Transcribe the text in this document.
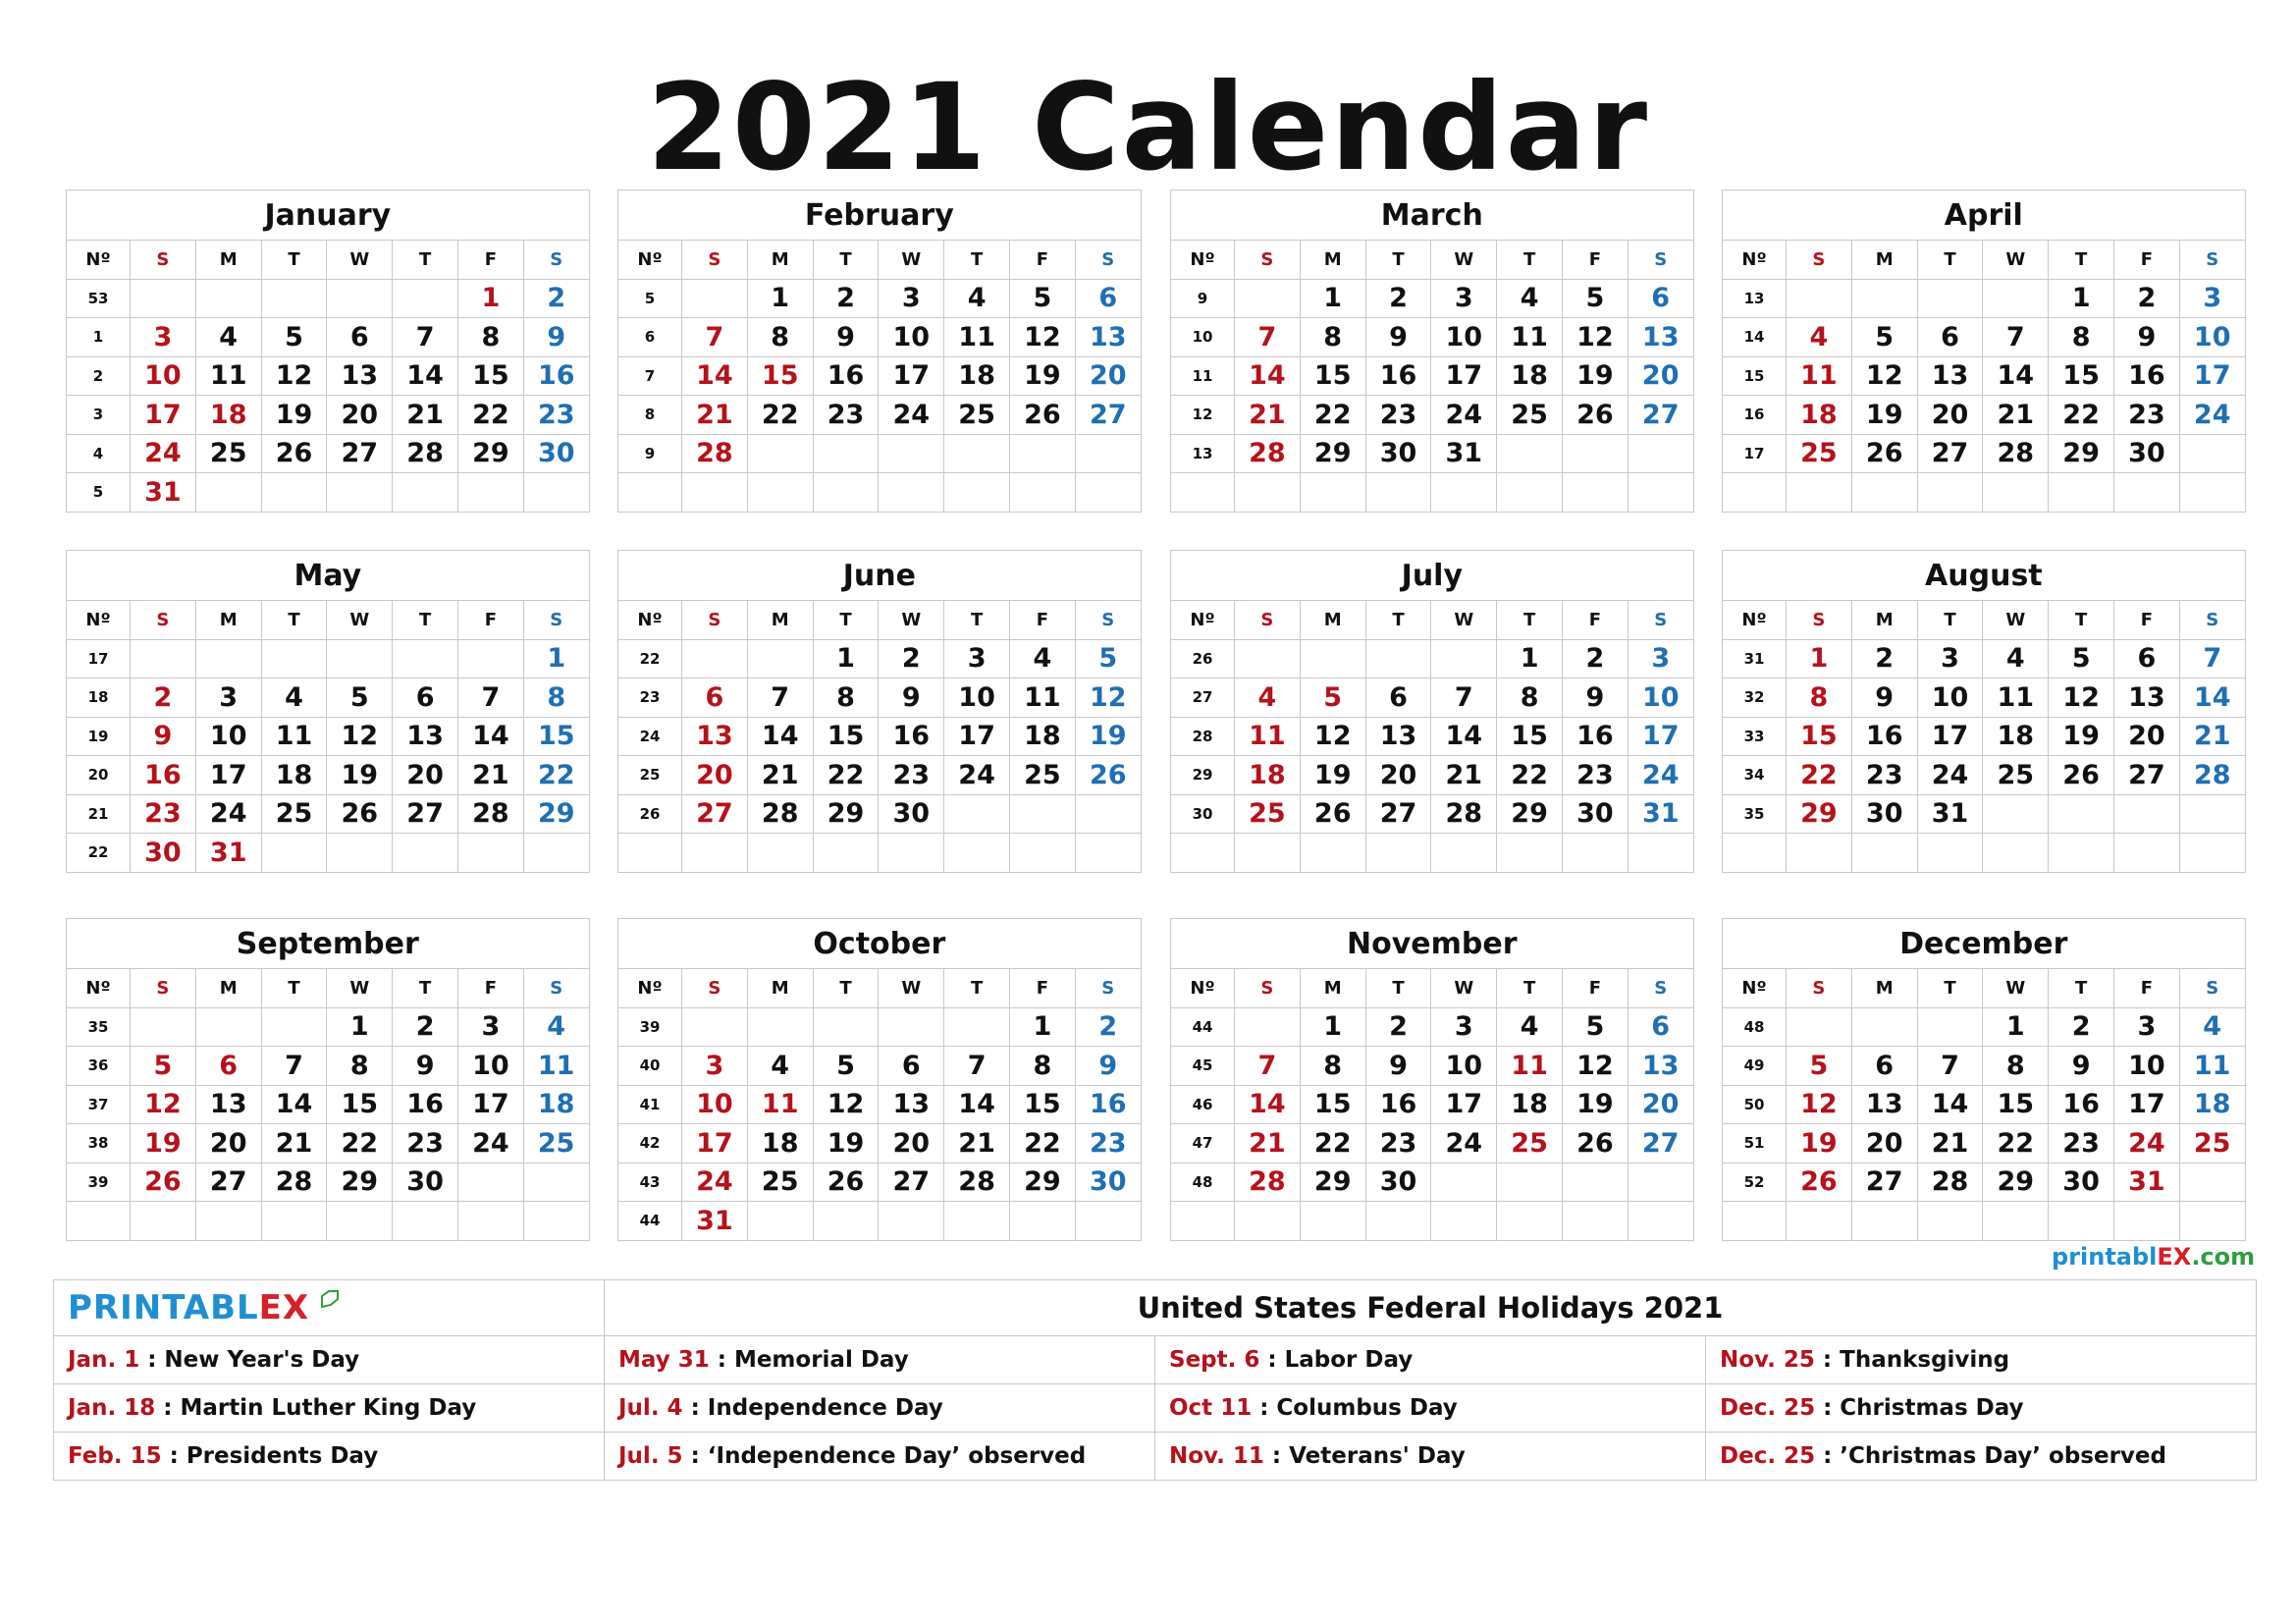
2021 Calendar
January							
Nº	S	M	T	W	T	F	S
53						1	2
1	3	4	5	6	7	8	9
2	10	11	12	13	14	15	16
3	17	18	19	20	21	22	23
4	24	25	26	27	28	29	30
5	31						
February							
Nº	S	M	T	W	T	F	S
5		1	2	3	4	5	6
6	7	8	9	10	11	12	13
7	14	15	16	17	18	19	20
8	21	22	23	24	25	26	27
9	28						

March							
Nº	S	M	T	W	T	F	S
9		1	2	3	4	5	6
10	7	8	9	10	11	12	13
11	14	15	16	17	18	19	20
12	21	22	23	24	25	26	27
13	28	29	30	31			

April							
Nº	S	M	T	W	T	F	S
13					1	2	3
14	4	5	6	7	8	9	10
15	11	12	13	14	15	16	17
16	18	19	20	21	22	23	24
17	25	26	27	28	29	30	

May							
Nº	S	M	T	W	T	F	S
17							1
18	2	3	4	5	6	7	8
19	9	10	11	12	13	14	15
20	16	17	18	19	20	21	22
21	23	24	25	26	27	28	29
22	30	31					
June							
Nº	S	M	T	W	T	F	S
22			1	2	3	4	5
23	6	7	8	9	10	11	12
24	13	14	15	16	17	18	19
25	20	21	22	23	24	25	26
26	27	28	29	30			

July							
Nº	S	M	T	W	T	F	S
26					1	2	3
27	4	5	6	7	8	9	10
28	11	12	13	14	15	16	17
29	18	19	20	21	22	23	24
30	25	26	27	28	29	30	31

August							
Nº	S	M	T	W	T	F	S
31	1	2	3	4	5	6	7
32	8	9	10	11	12	13	14
33	15	16	17	18	19	20	21
34	22	23	24	25	26	27	28
35	29	30	31				

September							
Nº	S	M	T	W	T	F	S
35				1	2	3	4
36	5	6	7	8	9	10	11
37	12	13	14	15	16	17	18
38	19	20	21	22	23	24	25
39	26	27	28	29	30		

October							
Nº	S	M	T	W	T	F	S
39						1	2
40	3	4	5	6	7	8	9
41	10	11	12	13	14	15	16
42	17	18	19	20	21	22	23
43	24	25	26	27	28	29	30
44	31						
November							
Nº	S	M	T	W	T	F	S
44		1	2	3	4	5	6
45	7	8	9	10	11	12	13
46	14	15	16	17	18	19	20
47	21	22	23	24	25	26	27
48	28	29	30				

December							
Nº	S	M	T	W	T	F	S
48				1	2	3	4
49	5	6	7	8	9	10	11
50	12	13	14	15	16	17	18
51	19	20	21	22	23	24	25
52	26	27	28	29	30	31	

printablEX.com
PRINTABLEX	United States Federal Holidays 2021		
Jan. 1 : New Year's Day	May 31 : Memorial Day	Sept. 6 : Labor Day	Nov. 25 : Thanksgiving
Jan. 18 : Martin Luther King Day	Jul. 4 : Independence Day	Oct 11 : Columbus Day	Dec. 25 : Christmas Day
Feb. 15 : Presidents Day	Jul. 5 : ‘Independence Day’ observed	Nov. 11 : Veterans' Day	Dec. 25 : ’Christmas Day’ observed
